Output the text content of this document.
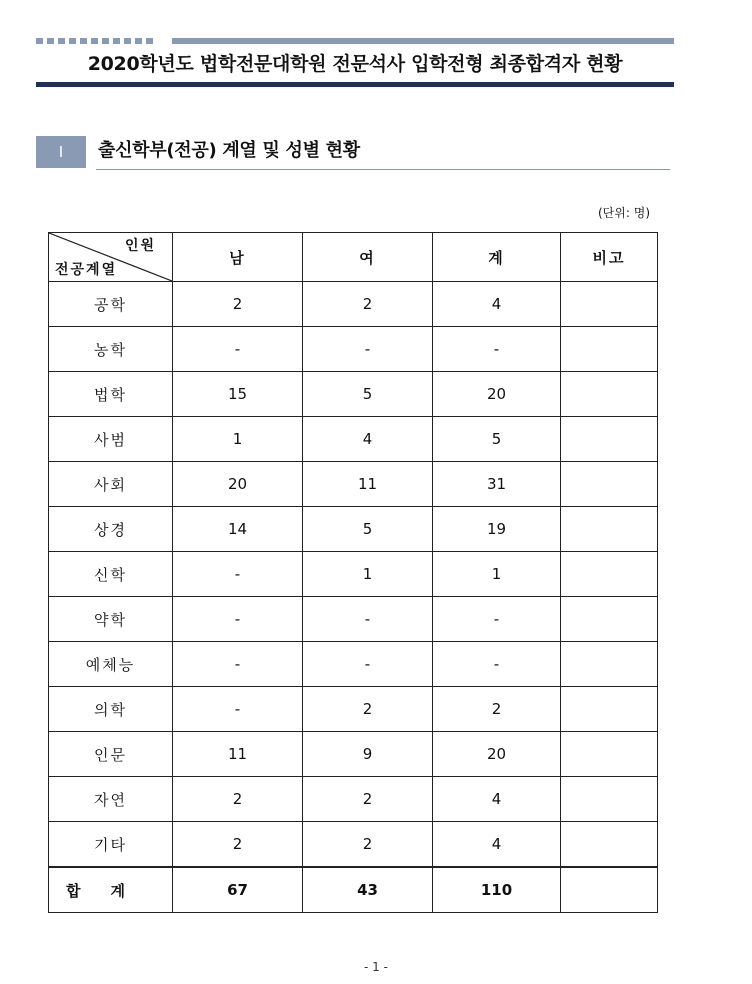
2020학년도 법학전문대학원 전문석사 입학전형 최종합격자 현황
Ⅰ	출신학부(전공) 계열 및 성별 현황
(단위: 명)
인원
전공계열	남	여	계	비고
공학	2	2	4	
농학	-	-	-	
법학	15	5	20	
사범	1	4	5	
사회	20	11	31	
상경	14	5	19	
신학	-	1	1	
약학	-	-	-	
예체능	-	-	-	
의학	-	2	2	
인문	11	9	20	
자연	2	2	4	
기타	2	2	4	
합계	67	43	110	
- 1 -
